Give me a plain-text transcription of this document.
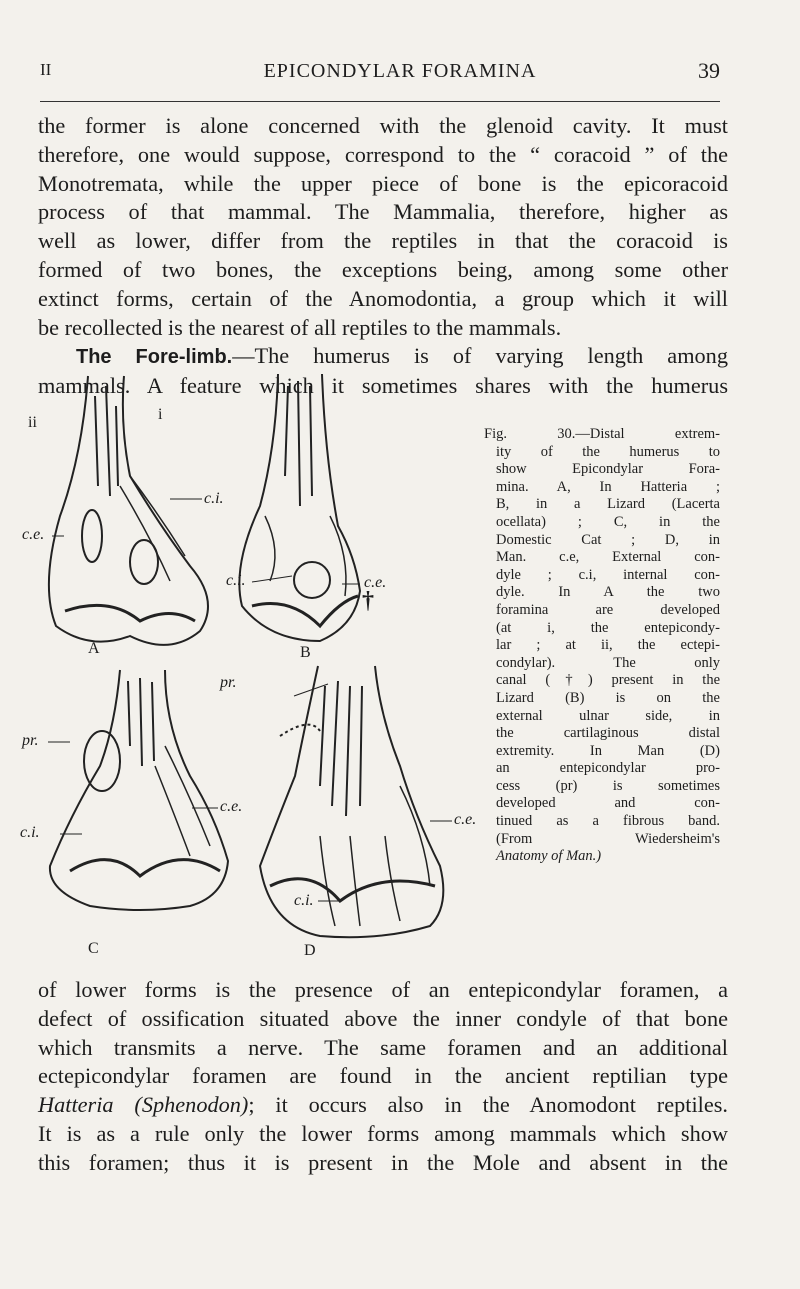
II	EPICONDYLAR FORAMINA	39
the former is alone concerned with the glenoid cavity. It must
therefore, one would suppose, correspond to the “ coracoid ” of the
Monotremata, while the upper piece of bone is the epicoracoid
process of that mammal. The Mammalia, therefore, higher as
well as lower, differ from the reptiles in that the coracoid is
formed of two bones, the exceptions being, among some other
extinct forms, certain of the Anomodontia, a group which it will
be recollected is the nearest of all reptiles to the mammals.
The Fore-limb.—The humerus is of varying length among
mammals. A feature which it sometimes shares with the humerus
ii	i
c.e.
c.i.
c.i.	c.e.
†
pr.
c.i.
c.e.
pr.
c.e.
c.i.
A	B
C	D
Fig. 30.—Distal extrem-
ity of the humerus to
show Epicondylar Fora-
mina. A, In Hatteria ;
B, in a Lizard (Lacerta
ocellata) ; C, in the
Domestic Cat ; D, in
Man. c.e, External con-
dyle ; c.i, internal con-
dyle. In A the two
foramina are developed
(at i, the entepicondy-
lar ; at ii, the ectepi-
condylar). The only
canal (†) present in the
Lizard (B) is on the
external ulnar side, in
the cartilaginous distal
extremity. In Man (D)
an entepicondylar pro-
cess (pr) is sometimes
developed and con-
tinued as a fibrous band.
(From Wiedersheim's
Anatomy of Man.)
of lower forms is the presence of an entepicondylar foramen, a
defect of ossification situated above the inner condyle of that bone
which transmits a nerve. The same foramen and an additional
ectepicondylar foramen are found in the ancient reptilian type
Hatteria (Sphenodon); it occurs also in the Anomodont reptiles.
It is as a rule only the lower forms among mammals which show
this foramen; thus it is present in the Mole and absent in the
